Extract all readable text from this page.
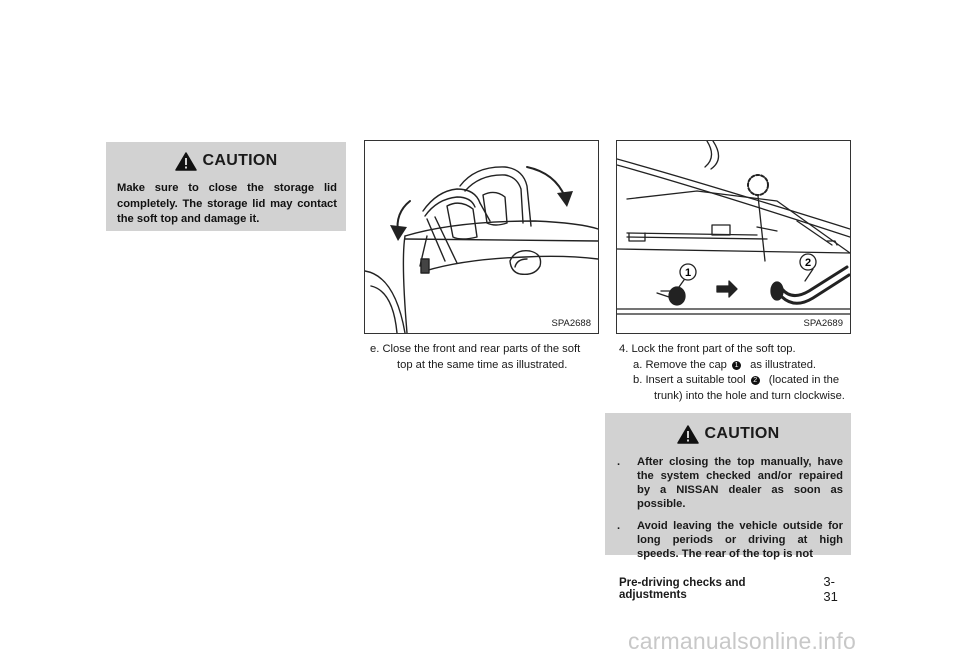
CAUTION
Make sure to close the storage lid completely. The storage lid may contact the soft top and damage it.
SPA2688
1
2
SPA2689
e. Close the front and rear parts of the soft
top at the same time as illustrated.
4. Lock the front part of the soft top.
a. Remove the cap 1 as illustrated.
b. Insert a suitable tool 2 (located in the
trunk) into the hole and turn clockwise.
CAUTION
.	After closing the top manually, have the system checked and/or repaired by a NISSAN dealer as soon as possible.
.	Avoid leaving the vehicle outside for long periods or driving at high speeds. The rear of the top is not
Pre-driving checks and adjustments
3-31
carmanualsonline.info
